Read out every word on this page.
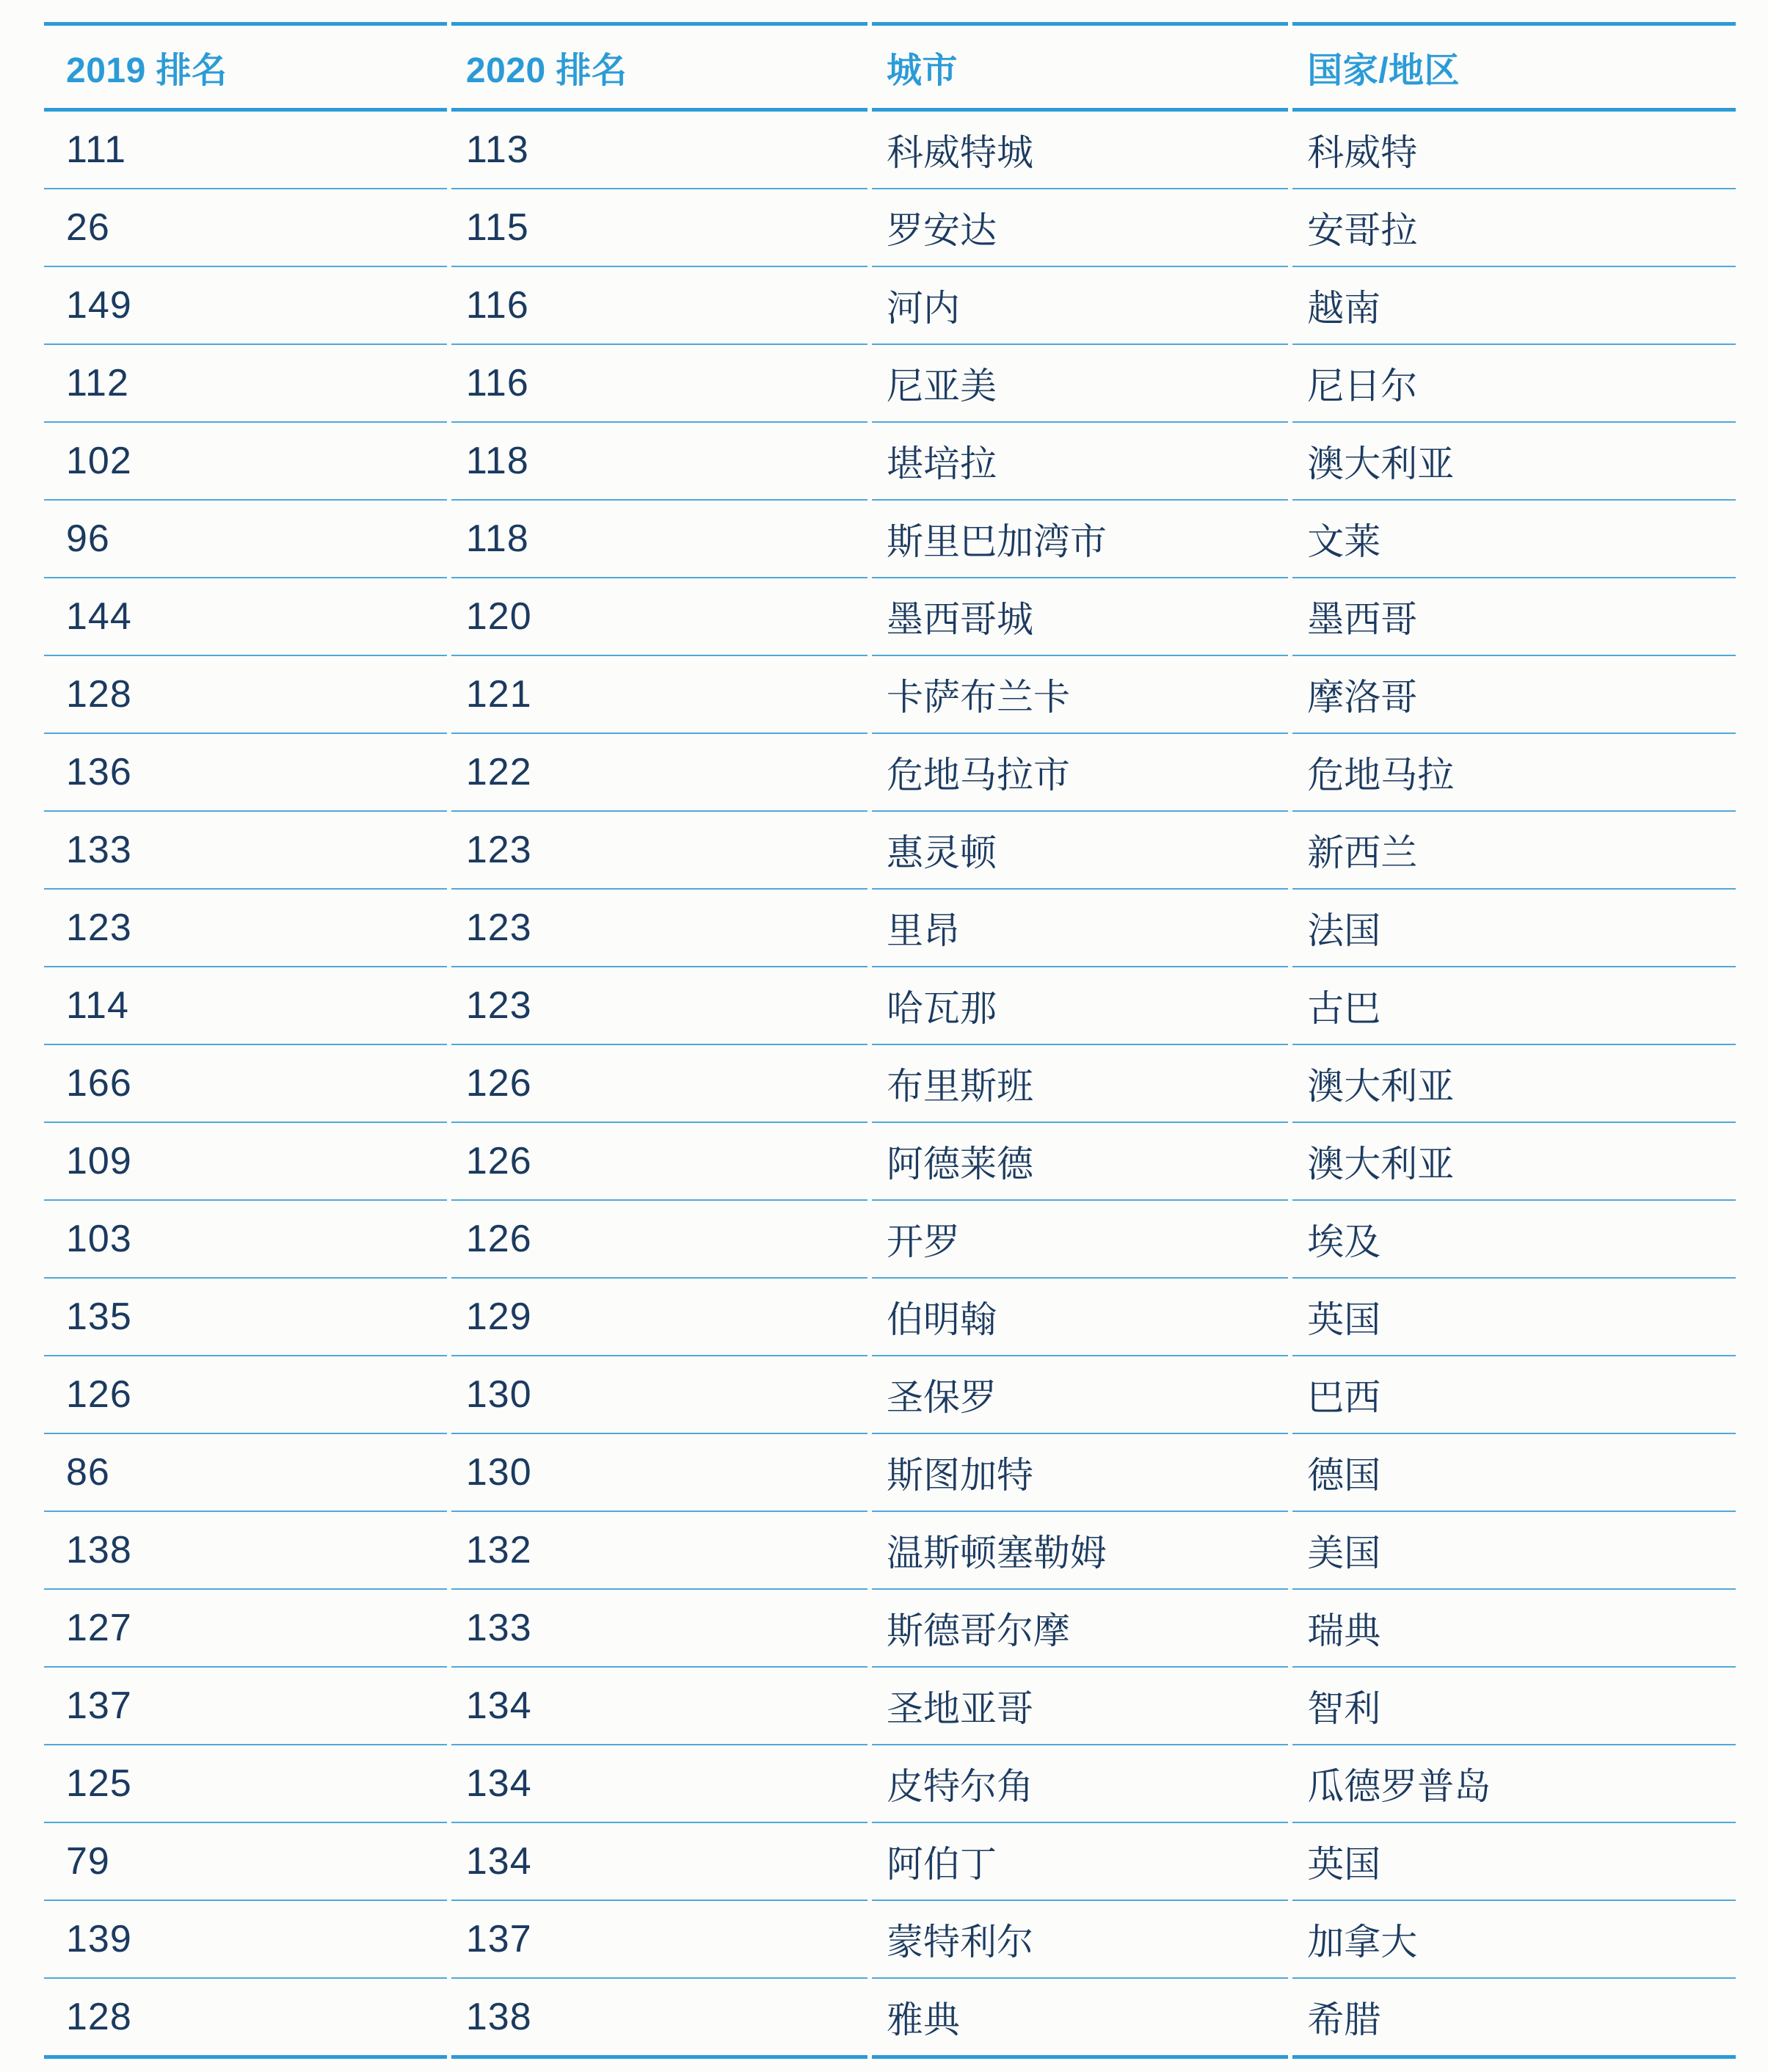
2019 排名	2020 排名	城市	国家/地区
111	113	科威特城	科威特
26	115	罗安达	安哥拉
149	116	河内	越南
112	116	尼亚美	尼日尔
102	118	堪培拉	澳大利亚
96	118	斯里巴加湾市	文莱
144	120	墨西哥城	墨西哥
128	121	卡萨布兰卡	摩洛哥
136	122	危地马拉市	危地马拉
133	123	惠灵顿	新西兰
123	123	里昂	法国
114	123	哈瓦那	古巴
166	126	布里斯班	澳大利亚
109	126	阿德莱德	澳大利亚
103	126	开罗	埃及
135	129	伯明翰	英国
126	130	圣保罗	巴西
86	130	斯图加特	德国
138	132	温斯顿塞勒姆	美国
127	133	斯德哥尔摩	瑞典
137	134	圣地亚哥	智利
125	134	皮特尔角	瓜德罗普岛
79	134	阿伯丁	英国
139	137	蒙特利尔	加拿大
128	138	雅典	希腊
